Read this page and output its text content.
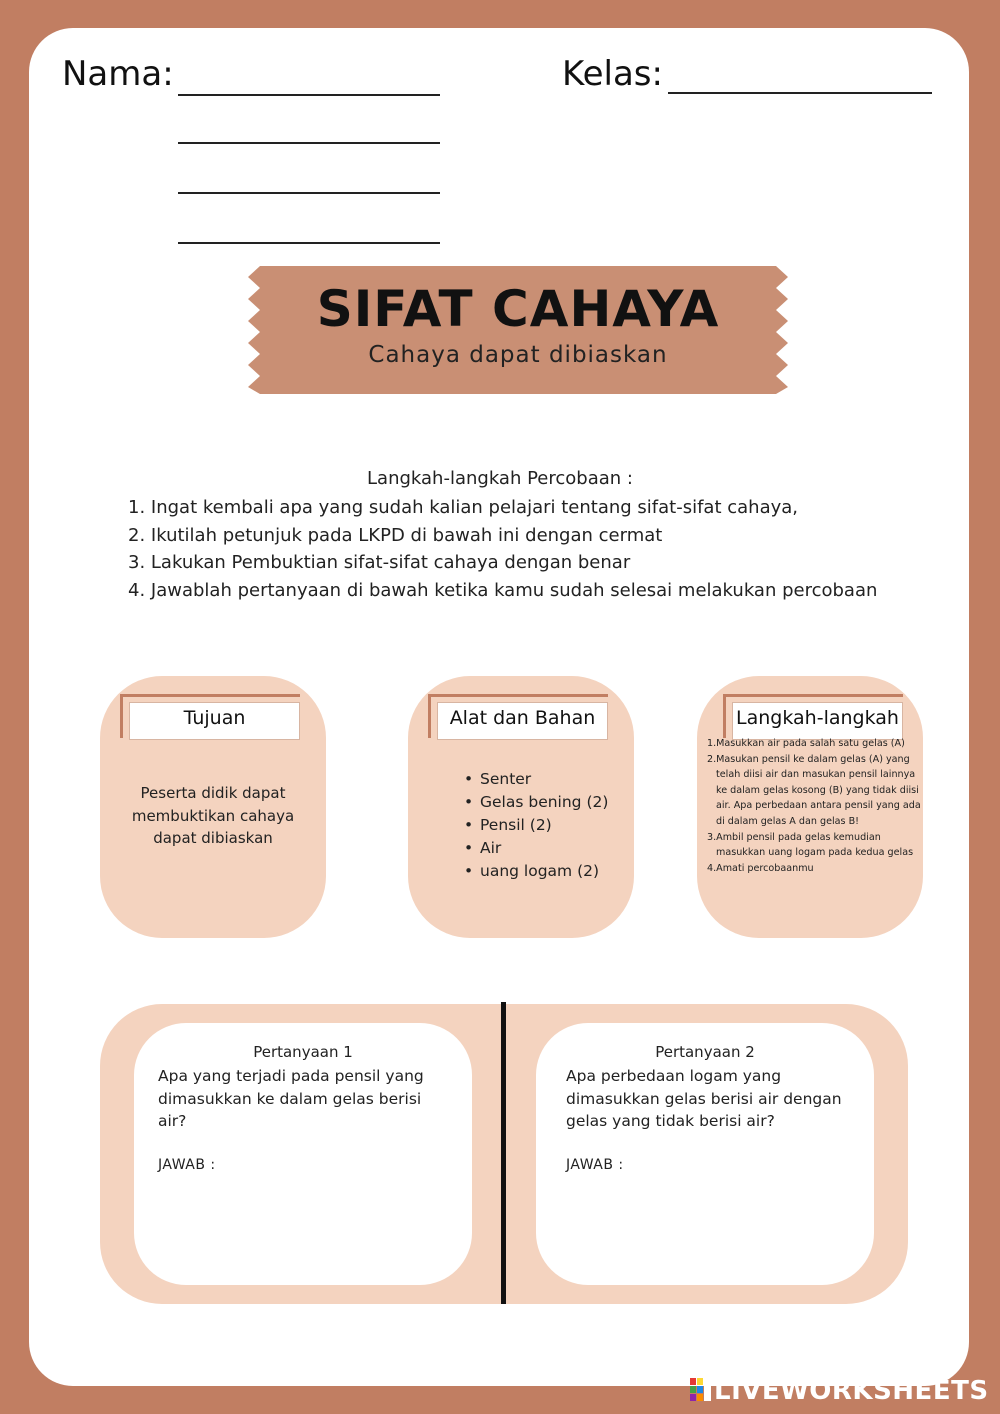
Nama:	Kelas:
SIFAT CAHAYA
Cahaya dapat dibiaskan
Langkah-langkah Percobaan :
1. Ingat kembali apa yang sudah kalian pelajari tentang sifat-sifat cahaya,
2. Ikutilah petunjuk pada LKPD di bawah ini dengan cermat
3. Lakukan Pembuktian sifat-sifat cahaya dengan benar
4. Jawablah pertanyaan di bawah ketika kamu sudah selesai melakukan percobaan
Tujuan
Peserta didik dapat membuktikan cahaya dapat dibiaskan
Alat dan Bahan
• Senter
• Gelas bening (2)
• Pensil (2)
• Air
• uang logam (2)
Langkah-langkah
1.Masukkan air pada salah satu gelas (A)
2.Masukan pensil ke dalam gelas (A) yang telah diisi air dan masukan pensil lainnya ke dalam gelas kosong (B) yang tidak diisi air. Apa perbedaan antara pensil yang ada di dalam gelas A dan gelas B!
3.Ambil pensil pada gelas kemudian masukkan uang logam pada kedua gelas
4.Amati percobaanmu
Pertanyaan 1
Apa yang terjadi pada pensil yang dimasukkan ke dalam gelas berisi air?
JAWAB :
Pertanyaan 2
Apa perbedaan logam yang dimasukkan gelas berisi air dengan gelas yang tidak berisi air?
JAWAB :
LIVEWORKSHEETS
